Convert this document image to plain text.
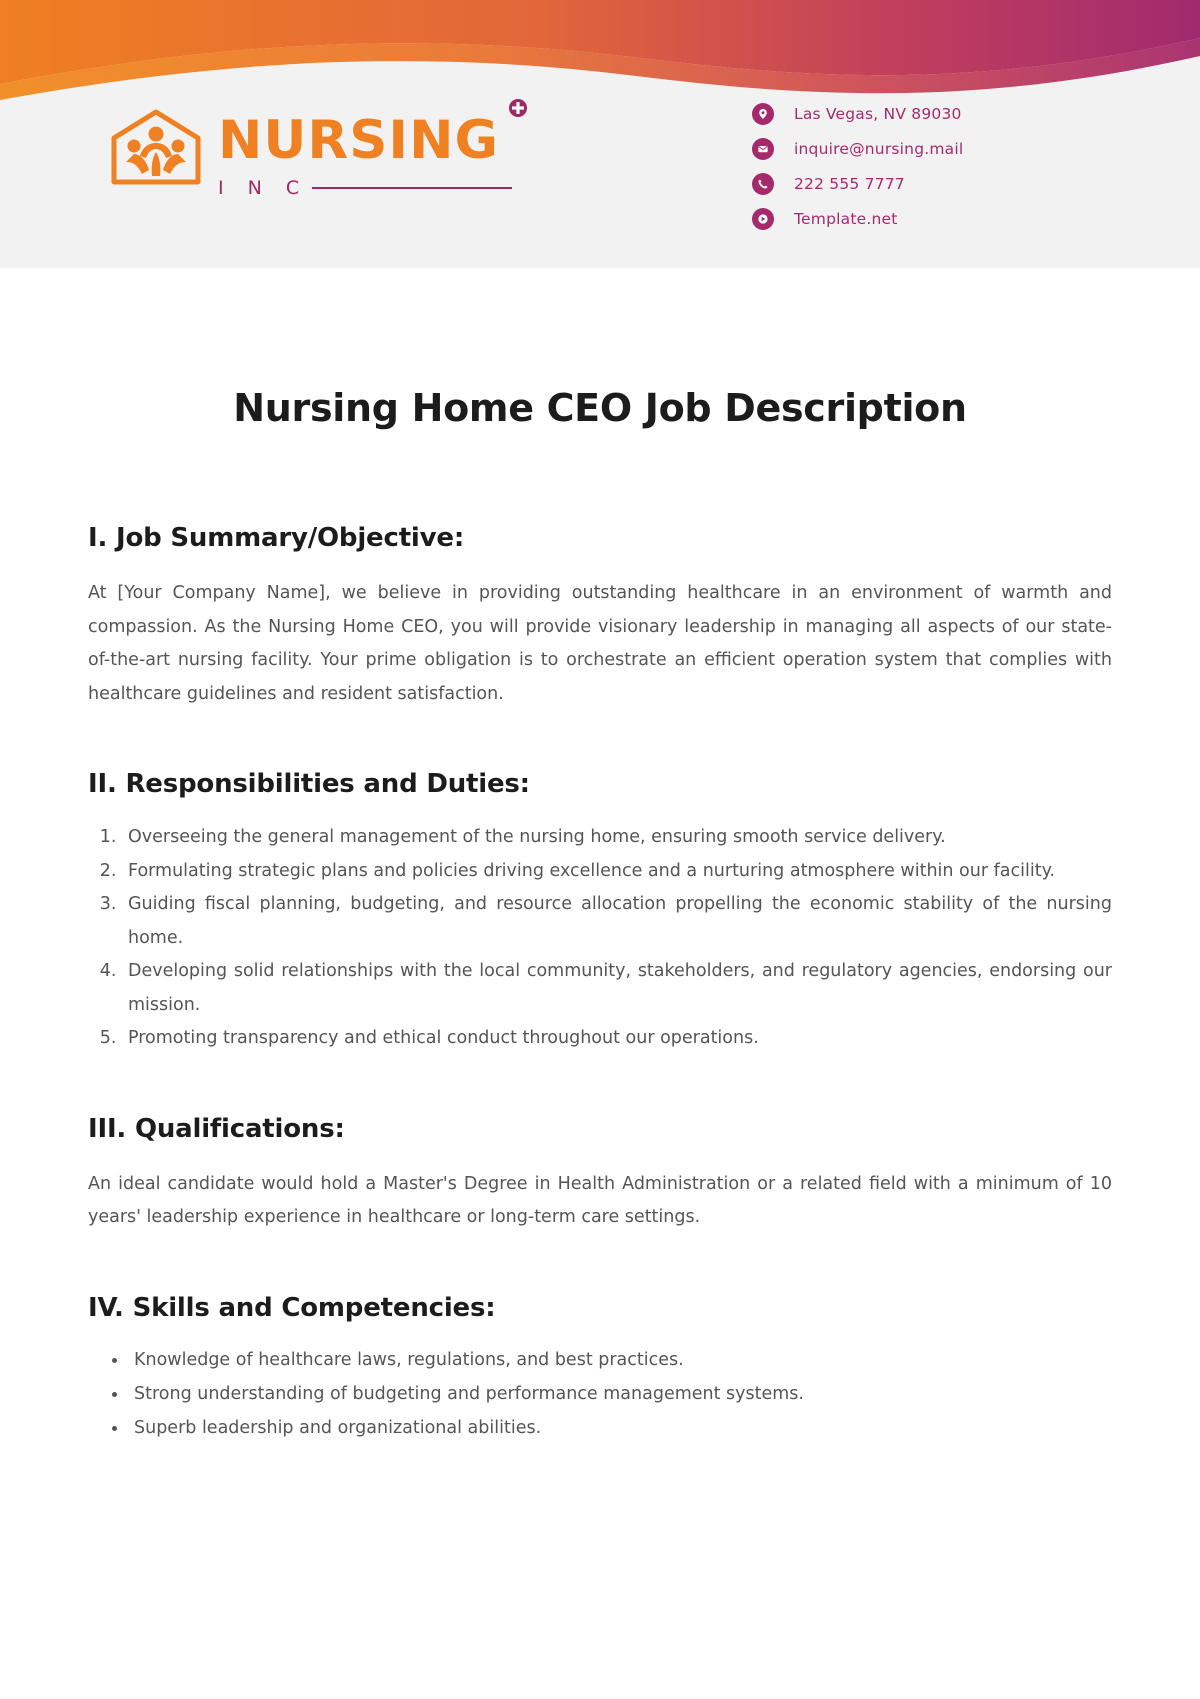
NURSING
I N C
Las Vegas, NV 89030
inquire@nursing.mail
222 555 7777
Template.net
Nursing Home CEO Job Description
I. Job Summary/Objective:

At [Your Company Name], we believe in providing outstanding healthcare in an environment of warmth and compassion. As the Nursing Home CEO, you will provide visionary leadership in managing all aspects of our state-of-the-art nursing facility. Your prime obligation is to orchestrate an efficient operation system that complies with healthcare guidelines and resident satisfaction.

II. Responsibilities and Duties:
1. Overseeing the general management of the nursing home, ensuring smooth service delivery.
2. Formulating strategic plans and policies driving excellence and a nurturing atmosphere within our facility.
3. Guiding fiscal planning, budgeting, and resource allocation propelling the economic stability of the nursing home.
4. Developing solid relationships with the local community, stakeholders, and regulatory agencies, endorsing our mission.
5. Promoting transparency and ethical conduct throughout our operations.
III. Qualifications:

An ideal candidate would hold a Master's Degree in Health Administration or a related field with a minimum of 10 years' leadership experience in healthcare or long-term care settings.

IV. Skills and Competencies:
• Knowledge of healthcare laws, regulations, and best practices.
• Strong understanding of budgeting and performance management systems.
• Superb leadership and organizational abilities.
